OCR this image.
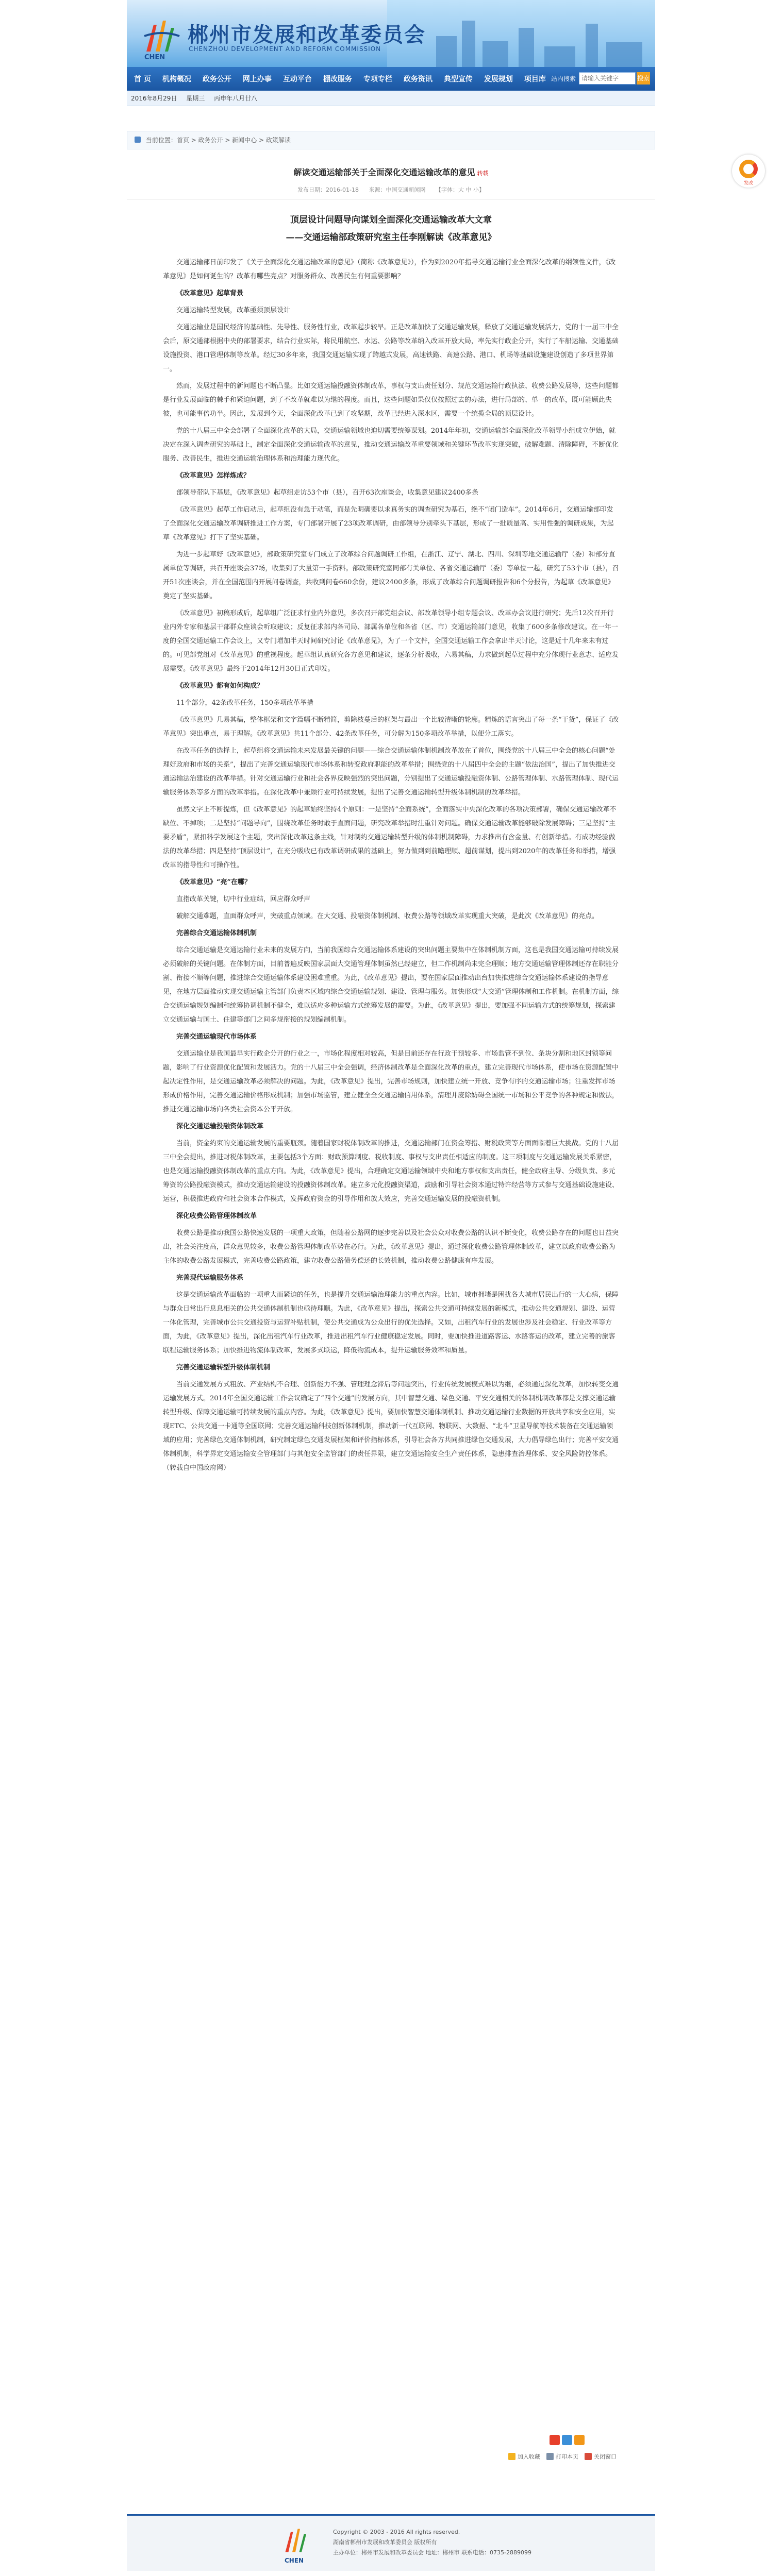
CHEN
郴州市发展和改革委员会
CHENZHOU DEVELOPMENT AND REFORM COMMISSION
首 页 机构概况 政务公开 网上办事 互动平台 棚改服务 专项专栏 政务资讯 典型宣传 发展规划 项目库 站内搜索
请输入关键字	搜索
2016年8月29日 星期三 丙申年八月廿八
当前位置：首页 > 政务公开 > 新闻中心 > 政策解读
解读交通运输部关于全面深化交通运输改革的意见 转载
发布日期：2016-01-18 来源：中国交通新闻网 【字体：大 中 小】
顶层设计问题导向谋划全面深化交通运输改革大文章
——交通运输部政策研究室主任李刚解读《改革意见》

交通运输部日前印发了《关于全面深化交通运输改革的意见》（简称《改革意见》），作为到2020年指导交通运输行业全面深化改革的纲领性文件，《改革意见》是如何诞生的？改革有哪些亮点？对服务群众、改善民生有何重要影响？

《改革意见》起草背景

交通运输转型发展，改革亟须顶层设计

交通运输业是国民经济的基础性、先导性、服务性行业，改革起步较早。正是改革加快了交通运输发展，释放了交通运输发展活力，党的十一届三中全会后，原交通部根据中央的部署要求，结合行业实际，将民用航空、水运、公路等改革纳入改革开放大局，率先实行政企分开，实行了车船运输、交通基础设施投资、港口管理体制等改革。经过30多年来，我国交通运输实现了跨越式发展，高速铁路、高速公路、港口、机场等基础设施建设创造了多项世界第一。

然而，发展过程中的新问题也不断凸显。比如交通运输投融资体制改革，事权与支出责任划分、规范交通运输行政执法、收费公路发展等，这些问题都是行业发展面临的棘手和紧迫问题，到了不改革就难以为继的程度。而且，这些问题如果仅仅按照过去的办法，进行局部的、单一的改革，既可能顾此失彼，也可能事倍功半。因此，发展到今天，全面深化改革已到了攻坚期，改革已经进入深水区，需要一个统揽全局的顶层设计。

党的十八届三中全会部署了全面深化改革的大局，交通运输领域也迫切需要统筹谋划。2014年年初，交通运输部全面深化改革领导小组成立伊始，就决定在深入调查研究的基础上，制定全面深化交通运输改革的意见，推动交通运输改革重要领域和关键环节改革实现突破，破解难题、清除障碍，不断优化服务、改善民生，推进交通运输治理体系和治理能力现代化。

《改革意见》怎样炼成？

部领导带队下基层，《改革意见》起草组走访53个市（县），召开63次座谈会，收集意见建议2400多条

《改革意见》起草工作启动后，起草组没有急于动笔，而是先明确要以求真务实的调查研究为基石，绝不“闭门造车”。2014年6月，交通运输部印发了全面深化交通运输改革调研推进工作方案，专门部署开展了23项改革调研，由部领导分别牵头下基层，形成了一批质量高、实用性强的调研成果，为起草《改革意见》打下了坚实基础。

为进一步起草好《改革意见》，部政策研究室专门成立了改革综合问题调研工作组，在浙江、辽宁、湖北、四川、深圳等地交通运输厅（委）和部分直属单位等调研，共召开座谈会37场，收集到了大量第一手资料。部政策研究室同部有关单位、各省交通运输厅（委）等单位一起，研究了53个市（县），召开51次座谈会，并在全国范围内开展问卷调查，共收到问卷660余份，建议2400多条，形成了改革综合问题调研报告和6个分报告，为起草《改革意见》奠定了坚实基础。

《改革意见》初稿形成后，起草组广泛征求行业内外意见，多次召开部党组会议、部改革领导小组专题会议、改革办会议进行研究；先后12次召开行业内外专家和基层干部群众座谈会听取建议；反复征求部内各司局、部属各单位和各省（区、市）交通运输部门意见，收集了600多条修改建议。在一年一度的全国交通运输工作会议上，又专门增加半天时间研究讨论《改革意见》，为了一个文件，全国交通运输工作会拿出半天讨论，这是近十几年来未有过的。可见部党组对《改革意见》的重视程度。起草组认真研究各方意见和建议，逐条分析吸收，六易其稿，力求做到起草过程中充分体现行业意志、适应发展需要。《改革意见》最终于2014年12月30日正式印发。

《改革意见》都有如何构成？

11个部分，42条改革任务，150多项改革举措

《改革意见》几易其稿，整体框架和文字篇幅不断精简，剪除枝蔓后的框架与最出一个比较清晰的轮廓。精炼的语言突出了每一条“干货”，保证了《改革意见》突出重点，易于理解。《改革意见》共11个部分、42条改革任务，可分解为150多项改革举措，以便分工落实。

在改革任务的选择上，起草组将交通运输未来发展最关键的问题——综合交通运输体制机制改革放在了首位，围绕党的十八届三中全会的核心问题“处理好政府和市场的关系”，提出了完善交通运输现代市场体系和转变政府职能的改革举措；围绕党的十八届四中全会的主题“依法治国”，提出了加快推进交通运输法治建设的改革举措。针对交通运输行业和社会各界反映强烈的突出问题，分别提出了交通运输投融资体制、公路管理体制、水路管理体制、现代运输服务体系等多方面的改革举措。在深化改革中兼顾行业可持续发展，提出了完善交通运输转型升级体制机制的改革举措。

虽然文字上不断提炼，但《改革意见》的起草始终坚持4个原则：一是坚持“全面系统”，全面落实中央深化改革的各项决策部署，确保交通运输改革不缺位、不掉项；二是坚持“问题导向”，围绕改革任务时敢于直面问题，研究改革举措时注重针对问题。确保交通运输改革能够破除发展障碍；三是坚持“主要矛盾”，紧扣科学发展这个主题，突出深化改革这条主线，针对制约交通运输转型升级的体制机制障碍，力求推出有含金量、有创新举措。有成功经验做法的改革举措；四是坚持“顶层设计”，在充分吸收已有改革调研成果的基础上，努力做到到前瞻理顺、超前谋划，提出到2020年的改革任务和举措，增强改革的指导性和可操作性。

《改革意见》“亮”在哪？

直指改革关键，切中行业症结，回应群众呼声

破解交通难题，直面群众呼声，突破重点领域。在大交通、投融资体制机制、收费公路等领域改革实现重大突破，是此次《改革意见》的亮点。

完善综合交通运输体制机制

综合交通运输是交通运输行业未来的发展方向，当前我国综合交通运输体系建设的突出问题主要集中在体制机制方面，这也是我国交通运输可持续发展必须破解的关键问题。在体制方面，目前普遍反映国家层面大交通管理体制虽然已经建立，但工作机制尚未完全理顺；地方交通运输管理体制还存在职能分割、衔接不顺等问题，推进综合交通运输体系建设困难重重。为此，《改革意见》提出，要在国家层面推动出台加快推进综合交通运输体系建设的指导意见，在地方层面推动实现交通运输主管部门负责本区域内综合交通运输规划、建设、管理与服务。加快形成“大交通”管理体制和工作机制。在机制方面，综合交通运输规划编制和统筹协调机制不健全，难以适应多种运输方式统筹发展的需要。为此，《改革意见》提出，要加强不同运输方式的统筹规划，探索建立交通运输与国土、住建等部门之间多规衔接的规划编制机制。

完善交通运输现代市场体系

交通运输业是我国最早实行政企分开的行业之一，市场化程度相对较高，但是目前还存在行政干预较多、市场监管不到位、条块分割和地区封锁等问题，影响了行业资源优化配置和发展活力。党的十八届三中全会强调，经济体制改革是全面深化改革的重点，建立完善现代市场体系，使市场在资源配置中起决定性作用，是交通运输改革必须解决的问题。为此，《改革意见》提出，完善市场规则，加快建立统一开放、竞争有序的交通运输市场；注重发挥市场形成价格作用，完善交通运输价格形成机制；加强市场监管，建立健全全交通运输信用体系，清理并废除妨碍全国统一市场和公平竞争的各种规定和做法，推进交通运输市场向各类社会资本公平开放。

深化交通运输投融资体制改革

当前，资金约束的交通运输发展的重要瓶颈。随着国家财税体制改革的推进，交通运输部门在资金筹措、财税政策等方面面临着巨大挑战。党的十八届三中全会提出，推进财税体制改革，主要包括3个方面：财政预算制度、税收制度、事权与支出责任相适应的制度。这三项制度与交通运输发展关系紧密，也是交通运输投融资体制改革的重点方向。为此，《改革意见》提出，合理确定交通运输领域中央和地方事权和支出责任，健全政府主导、分级负责、多元筹资的公路投融资模式，推动交通运输建设的投融资体制改革。建立多元化投融资渠道，鼓励和引导社会资本通过特许经营等方式参与交通基础设施建设、运营，积极推进政府和社会资本合作模式，发挥政府资金的引导作用和放大效应，完善交通运输发展的投融资机制。

深化收费公路管理体制改革

收费公路是推动我国公路快速发展的一项重大政策，但随着公路网的逐步完善以及社会公众对收费公路的认识不断变化，收费公路存在的问题也日益突出，社会关注度高，群众意见较多，收费公路管理体制改革势在必行。为此，《改革意见》提出，通过深化收费公路管理体制改革，建立以政府收费公路为主体的收费公路发展模式，完善收费公路政策，建立收费公路债务偿还的长效机制，推动收费公路健康有序发展。

完善现代运输服务体系

这是交通运输改革面临的一项重大而紧迫的任务，也是提升交通运输治理能力的重点内容。比如，城市拥堵是困扰各大城市居民出行的一大心病，保障与群众日常出行息息相关的公共交通体制机制也亟待理顺。为此，《改革意见》提出，探索公共交通可持续发展的新模式，推动公共交通规划、建设、运营一体化管理，完善城市公共交通投资与运营补贴机制，使公共交通成为公众出行的优先选择。又如，出租汽车行业的发展也涉及社会稳定、行业改革等方面，为此，《改革意见》提出，深化出租汽车行业改革，推进出租汽车行业健康稳定发展。同时，要加快推进道路客运、水路客运的改革，建立完善的旅客联程运输服务体系；加快推进物流体制改革，发展多式联运，降低物流成本，提升运输服务效率和质量。

完善交通运输转型升级体制机制

当前交通发展方式粗放、产业结构不合理、创新能力不强、管理理念滞后等问题突出，行业传统发展模式难以为继，必须通过深化改革，加快转变交通运输发展方式。2014年全国交通运输工作会议确定了“四个交通”的发展方向，其中智慧交通、绿色交通、平安交通相关的体制机制改革都是支撑交通运输转型升级、保障交通运输可持续发展的重点内容。为此，《改革意见》提出，要加快智慧交通体制机制、推动交通运输行业数据的开放共享和安全应用，实现ETC、公共交通一卡通等全国联网；完善交通运输科技创新体制机制，推动新一代互联网、物联网、大数据、“北斗”卫星导航等技术装备在交通运输领域的应用；完善绿色交通体制机制，研究制定绿色交通发展框架和评价指标体系，引导社会各方共同推进绿色交通发展，大力倡导绿色出行；完善平安交通体制机制，科学界定交通运输安全管理部门与其他安全监管部门的责任界限，建立交通运输安全生产责任体系，隐患排查治理体系、安全风险防控体系。（转载自中国政府网）

加入收藏	打印本页	关闭窗口
CHEN
Copyright © 2003 - 2016 All rights reserved.
湖南省郴州市发展和改革委员会 版权所有
主办单位：郴州市发展和改革委员会 地址：郴州市 联系电话：0735-2889099
发改
